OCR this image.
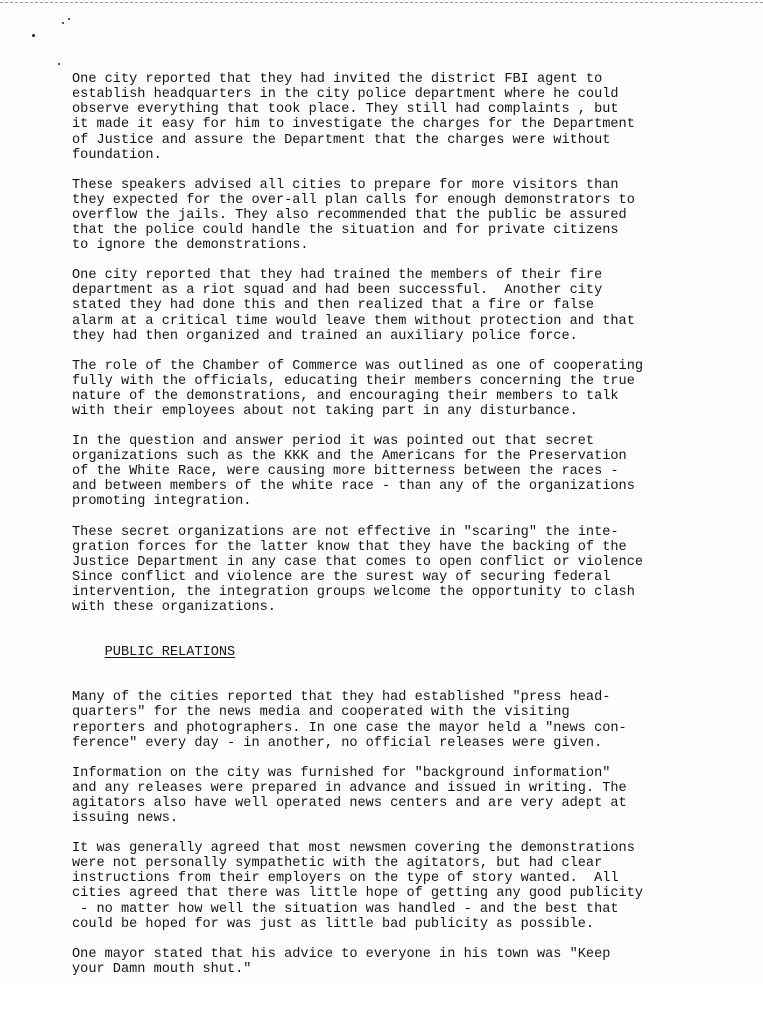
One city reported that they had invited the district FBI agent to
establish headquarters in the city police department where he could
observe everything that took place. They still had complaints , but
it made it easy for him to investigate the charges for the Department
of Justice and assure the Department that the charges were without
foundation.
These speakers advised all cities to prepare for more visitors than
they expected for the over-all plan calls for enough demonstrators to
overflow the jails. They also recommended that the public be assured
that the police could handle the situation and for private citizens
to ignore the demonstrations.
One city reported that they had trained the members of their fire
department as a riot squad and had been successful.  Another city
stated they had done this and then realized that a fire or false
alarm at a critical time would leave them without protection and that
they had then organized and trained an auxiliary police force.
The role of the Chamber of Commerce was outlined as one of cooperating
fully with the officials, educating their members concerning the true
nature of the demonstrations, and encouraging their members to talk
with their employees about not taking part in any disturbance.
In the question and answer period it was pointed out that secret
organizations such as the KKK and the Americans for the Preservation
of the White Race, were causing more bitterness between the races -
and between members of the white race - than any of the organizations
promoting integration.
These secret organizations are not effective in "scaring" the inte-
gration forces for the latter know that they have the backing of the
Justice Department in any case that comes to open conflict or violence
Since conflict and violence are the surest way of securing federal
intervention, the integration groups welcome the opportunity to clash
with these organizations.

PUBLIC RELATIONS

Many of the cities reported that they had established "press head-
quarters" for the news media and cooperated with the visiting
reporters and photographers. In one case the mayor held a "news con-
ference" every day - in another, no official releases were given.
Information on the city was furnished for "background information"
and any releases were prepared in advance and issued in writing. The
agitators also have well operated news centers and are very adept at
issuing news.
It was generally agreed that most newsmen covering the demonstrations
were not personally sympathetic with the agitators, but had clear
instructions from their employers on the type of story wanted.  All
cities agreed that there was little hope of getting any good publicity
- no matter how well the situation was handled - and the best that
could be hoped for was just as little bad publicity as possible.
One mayor stated that his advice to everyone in his town was "Keep
your Damn mouth shut."
